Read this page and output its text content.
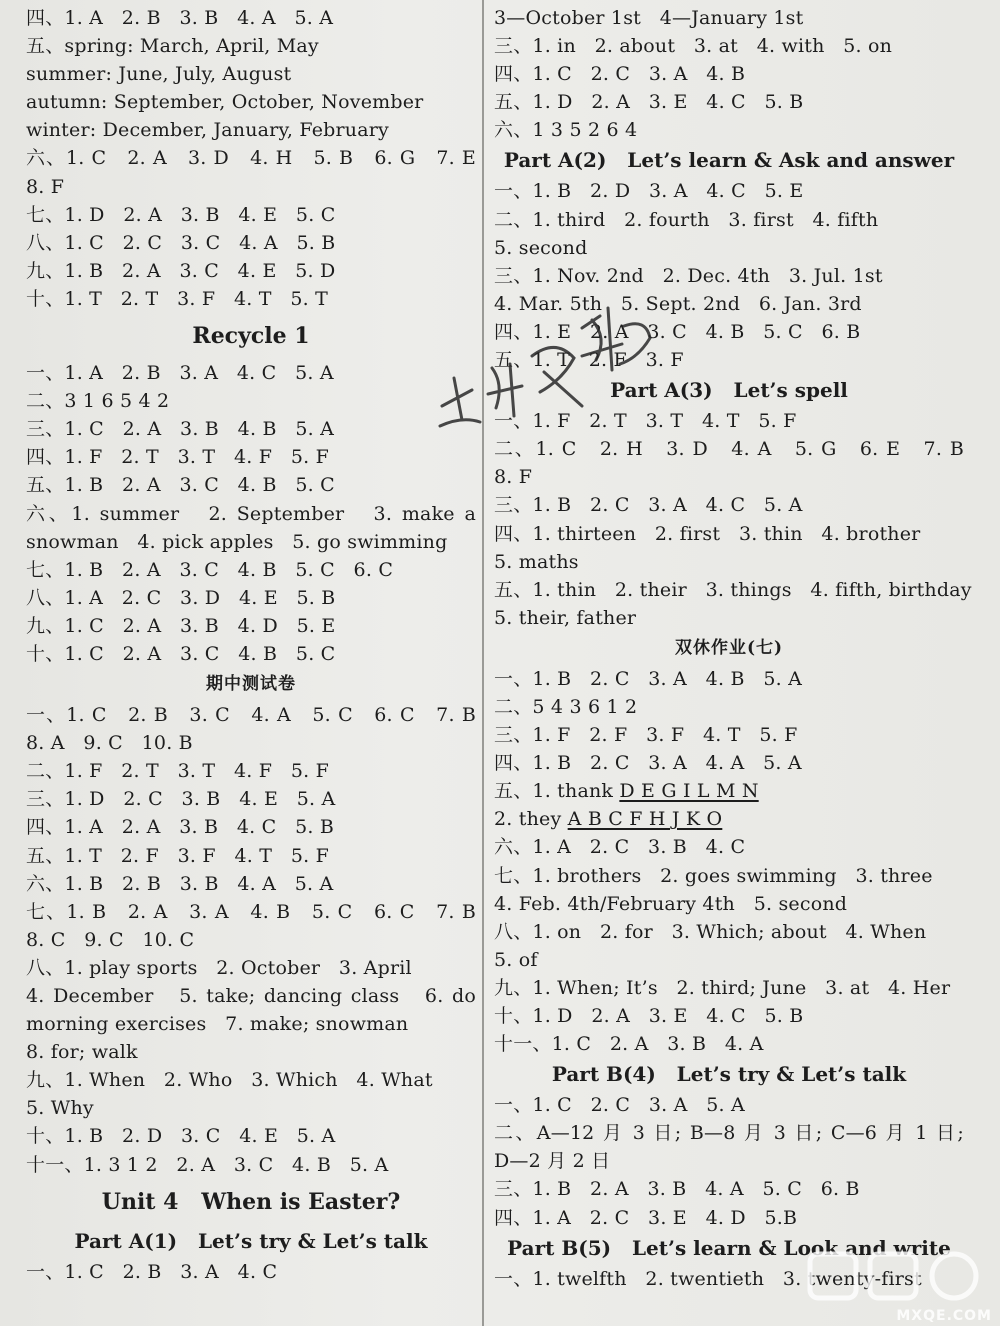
四、1. A   2. B   3. B   4. A   5. A
五、spring: March, April, May
summer: June, July, August
autumn: September, October, November
winter: December, January, February
六、1. C   2. A   3. D   4. H   5. B   6. G   7. E
8. F
七、1. D   2. A   3. B   4. E   5. C
八、1. C   2. C   3. C   4. A   5. B
九、1. B   2. A   3. C   4. E   5. D
十、1. T   2. T   3. F   4. T   5. T
Recycle 1
一、1. A   2. B   3. A   4. C   5. A
二、3 1 6 5 4 2
三、1. C   2. A   3. B   4. B   5. A
四、1. F   2. T   3. T   4. F   5. F
五、1. B   2. A   3. C   4. B   5. C
六、1. summer   2. September   3. make a
snowman   4. pick apples   5. go swimming
七、1. B   2. A   3. C   4. B   5. C   6. C
八、1. A   2. C   3. D   4. E   5. B
九、1. C   2. A   3. B   4. D   5. E
十、1. C   2. A   3. C   4. B   5. C
期中测试卷
一、1. C   2. B   3. C   4. A   5. C   6. C   7. B
8. A   9. C   10. B
二、1. F   2. T   3. T   4. F   5. F
三、1. D   2. C   3. B   4. E   5. A
四、1. A   2. A   3. B   4. C   5. B
五、1. T   2. F   3. F   4. T   5. F
六、1. B   2. B   3. B   4. A   5. A
七、1. B   2. A   3. A   4. B   5. C   6. C   7. B
8. C   9. C   10. C
八、1. play sports   2. October   3. April
4. December   5. take; dancing class   6. do
morning exercises   7. make; snowman
8. for; walk
九、1. When   2. Who   3. Which   4. What
5. Why
十、1. B   2. D   3. C   4. E   5. A
十一、1. 3 1 2   2. A   3. C   4. B   5. A
Unit 4   When is Easter?
Part A(1)   Let’s try & Let’s talk
一、1. C   2. B   3. A   4. C
3—October 1st   4—January 1st
三、1. in   2. about   3. at   4. with   5. on
四、1. C   2. C   3. A   4. B
五、1. D   2. A   3. E   4. C   5. B
六、1 3 5 2 6 4
Part A(2)   Let’s learn & Ask and answer
一、1. B   2. D   3. A   4. C   5. E
二、1. third   2. fourth   3. first   4. fifth
5. second
三、1. Nov. 2nd   2. Dec. 4th   3. Jul. 1st
4. Mar. 5th   5. Sept. 2nd   6. Jan. 3rd
四、1. E   2. A   3. C   4. B   5. C   6. B
五、1. T   2. F   3. F
Part A(3)   Let’s spell
一、1. F   2. T   3. T   4. T   5. F
二、1. C   2. H   3. D   4. A   5. G   6. E   7. B
8. F
三、1. B   2. C   3. A   4. C   5. A
四、1. thirteen   2. first   3. thin   4. brother
5. maths
五、1. thin   2. their   3. things   4. fifth, birthday
5. their, father
双休作业(七)
一、1. B   2. C   3. A   4. B   5. A
二、5 4 3 6 1 2
三、1. F   2. F   3. F   4. T   5. F
四、1. B   2. C   3. A   4. A   5. A
五、1. thank D E G I L M N
2. they A B C F H J K O
六、1. A   2. C   3. B   4. C
七、1. brothers   2. goes swimming   3. three
4. Feb. 4th/February 4th   5. second
八、1. on   2. for   3. Which; about   4. When
5. of
九、1. When; It’s   2. third; June   3. at   4. Her
十、1. D   2. A   3. E   4. C   5. B
十一、1. C   2. A   3. B   4. A
Part B(4)   Let’s try & Let’s talk
一、1. C   2. C   3. A   5. A
二、A—12 月 3 日; B—8 月 3 日; C—6 月 1 日;
D—2 月 2 日
三、1. B   2. A   3. B   4. A   5. C   6. B
四、1. A   2. C   3. E   4. D   5.B
Part B(5)   Let’s learn & Look and write
一、1. twelfth   2. twentieth   3. twenty-first
MXQE.COM
